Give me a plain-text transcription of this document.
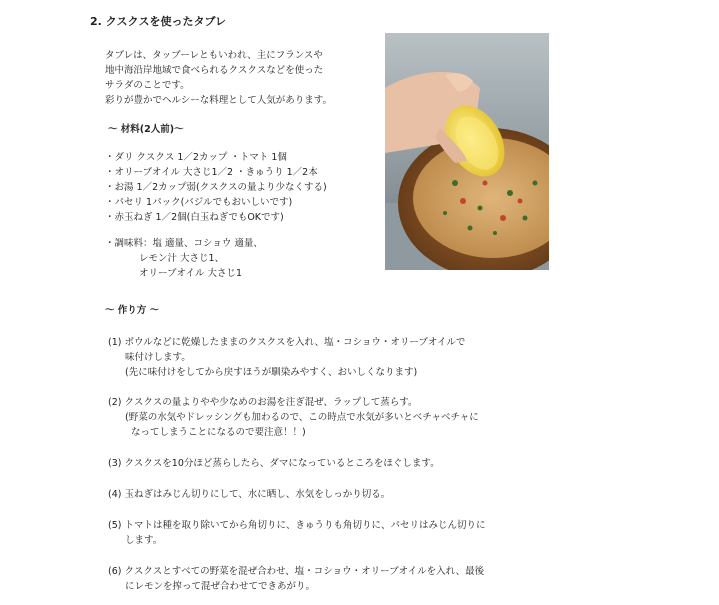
2. クスクスを使ったタブレ
タブレは、タッブーレともいわれ、主にフランスや
地中海沿岸地域で食べられるクスクスなどを使った
サラダのことです。
彩りが豊かでヘルシーな料理として人気があります。
～ 材料(2人前)～
・ダリ クスクス 1／2カップ ・トマト 1個
・オリーブオイル 大さじ1／2 ・きゅうり 1／2本
・お湯 1／2カップ弱(クスクスの量より少なくする)
・パセリ 1パック(バジルでもおいしいです)
・赤玉ねぎ 1／2個(白玉ねぎでもOKです)
・調味料：塩 適量、コショウ 適量、
レモン汁 大さじ1、
オリーブオイル 大さじ1
～ 作り方 ～
(1) ボウルなどに乾燥したままのクスクスを入れ、塩・コショウ・オリーブオイルで
味付けします。
(先に味付けをしてから戻すほうが馴染みやすく、おいしくなります)
(2) クスクスの量よりやや少なめのお湯を注ぎ混ぜ、ラップして蒸らす。
(野菜の水気やドレッシングも加わるので、この時点で水気が多いとベチャベチャに
なってしまうことになるので要注意！！)
(3) クスクスを10分ほど蒸らしたら、ダマになっているところをほぐします。
(4) 玉ねぎはみじん切りにして、水に晒し、水気をしっかり切る。
(5) トマトは種を取り除いてから角切りに、きゅうりも角切りに、パセリはみじん切りに
します。
(6) クスクスとすべての野菜を混ぜ合わせ、塩・コショウ・オリーブオイルを入れ、最後
にレモンを搾って混ぜ合わせてできあがり。
